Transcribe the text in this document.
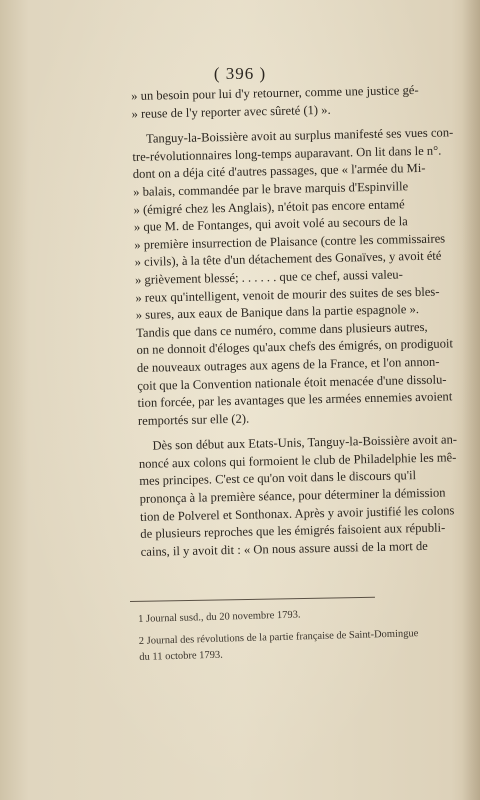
( 396 )
» un besoin pour lui d'y retourner, comme une justice gé-
» reuse de l'y reporter avec sûreté (1) ».
Tanguy-la-Boissière avoit au surplus manifesté ses vues con-
tre-révolutionnaires long-temps auparavant. On lit dans le n°.
dont on a déja cité d'autres passages, que « l'armée du Mi-
» balais, commandée par le brave marquis d'Espinville
» (émigré chez les Anglais), n'étoit pas encore entamé
» que M. de Fontanges, qui avoit volé au secours de la
» première insurrection de Plaisance (contre les commissaires
» civils), à la tête d'un détachement des Gonaïves, y avoit été
» grièvement blessé; . . . . . . que ce chef, aussi valeu-
» reux qu'intelligent, venoit de mourir des suites de ses bles-
» sures, aux eaux de Banique dans la partie espagnole ».
Tandis que dans ce numéro, comme dans plusieurs autres,
on ne donnoit d'éloges qu'aux chefs des émigrés, on prodiguoit
de nouveaux outrages aux agens de la France, et l'on annon-
çoit que la Convention nationale étoit menacée d'une dissolu-
tion forcée, par les avantages que les armées ennemies avoient
remportés sur elle (2).
Dès son début aux Etats-Unis, Tanguy-la-Boissière avoit an-
noncé aux colons qui formoient le club de Philadelphie les mê-
mes principes. C'est ce qu'on voit dans le discours qu'il
prononça à la première séance, pour déterminer la démission
tion de Polverel et Sonthonax. Après y avoir justifié les colons
de plusieurs reproches que les émigrés faisoient aux républi-
cains, il y avoit dit : « On nous assure aussi de la mort de
1 Journal susd., du 20 novembre 1793.
2 Journal des révolutions de la partie française de Saint-Domingue
du 11 octobre 1793.
